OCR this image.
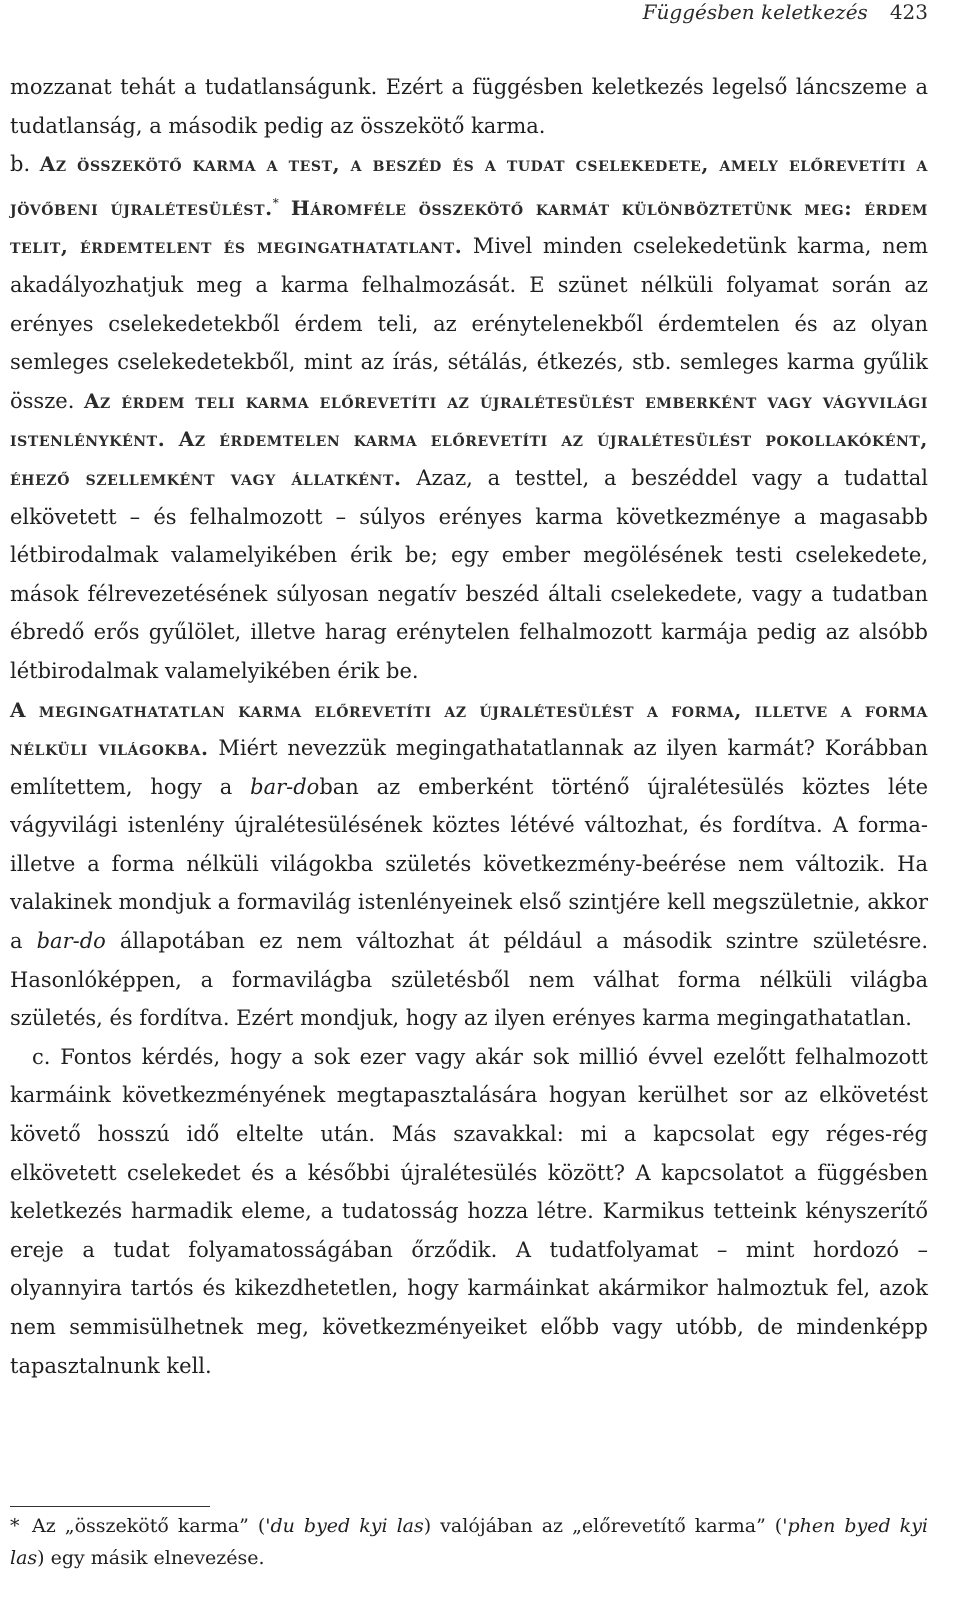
Függésben keletkezés 423

mozzanat tehát a tudatlanságunk. Ezért a függésben keletkezés legelső láncszeme a tudatlanság, a második pedig az összekötő karma.

b. Az összekötő karma a test, a beszéd és a tudat cselekedete, amely előrevetíti a jövőbeni újralétesülést.* Háromféle összekötő karmát különböztetünk meg: érdem telit, érdemtelent és megingathatatlant. Mivel minden cselekedetünk karma, nem akadályozhatjuk meg a karma felhalmozását. E szünet nélküli folyamat során az erényes cselekedetekből érdem teli, az erénytelenekből érdemtelen és az olyan semleges cselekedetekből, mint az írás, sétálás, étkezés, stb. semleges karma gyűlik össze. Az érdem teli karma előrevetíti az újralétesülést emberként vagy vágyvilági istenlényként. Az érdemtelen karma előrevetíti az újralétesülést pokollakóként, éhező szellemként vagy állatként. Azaz, a testtel, a beszéddel vagy a tudattal elkövetett – és felhalmozott – súlyos erényes karma következménye a magasabb létbirodalmak valamelyikében érik be; egy ember megölésének testi cselekedete, mások félrevezetésének súlyosan negatív beszéd általi cselekedete, vagy a tudatban ébredő erős gyűlölet, illetve harag erénytelen felhalmozott karmája pedig az alsóbb létbirodalmak valamelyikében érik be.

A megingathatatlan karma előrevetíti az újralétesülést a forma, illetve a forma nélküli világokba. Miért nevezzük megingathatatlannak az ilyen karmát? Korábban említettem, hogy a bar-doban az emberként történő újralétesülés köztes léte vágyvilági istenlény újralétesülésének köztes létévé változhat, és fordítva. A forma- illetve a forma nélküli világokba születés következmény-beérése nem változik. Ha valakinek mondjuk a formavilág istenlényeinek első szintjére kell megszületnie, akkor a bar-do állapotában ez nem változhat át például a második szintre születésre. Hasonlóképpen, a formavilágba születésből nem válhat forma nélküli világba születés, és fordítva. Ezért mondjuk, hogy az ilyen erényes karma megingathatatlan.

c. Fontos kérdés, hogy a sok ezer vagy akár sok millió évvel ezelőtt felhalmozott karmáink következményének megtapasztalására hogyan kerülhet sor az elkövetést követő hosszú idő eltelte után. Más szavakkal: mi a kapcsolat egy réges-rég elkövetett cselekedet és a későbbi újralétesülés között? A kapcsolatot a függésben keletkezés harmadik eleme, a tudatosság hozza létre. Karmikus tetteink kényszerítő ereje a tudat folyamatosságában őrződik. A tudatfolyamat – mint hordozó – olyannyira tartós és kikezdhetetlen, hogy karmáinkat akármikor halmoztuk fel, azok nem semmisülhetnek meg, következményeiket előbb vagy utóbb, de mindenképp tapasztalnunk kell.

* Az „összekötő karma” ('du byed kyi las) valójában az „előrevetítő karma” ('phen byed kyi las) egy másik elnevezése.
